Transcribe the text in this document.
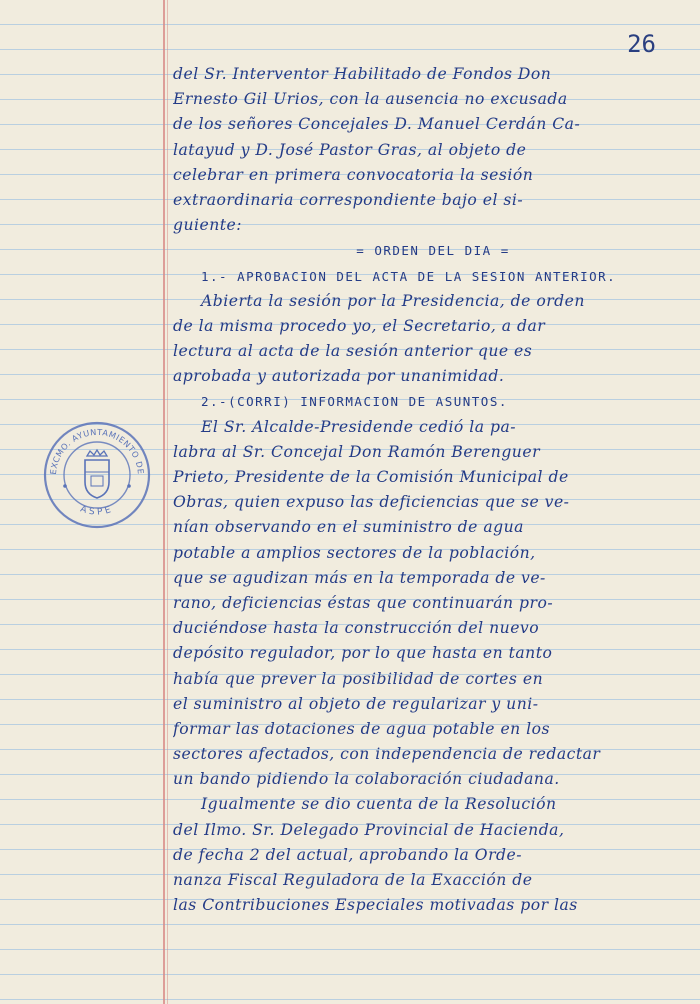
26
EXCMO. AYUNTAMIENTO DE
ASPE
del Sr. Interventor Habilitado de Fondos Don
Ernesto Gil Urios, con la ausencia no excusada
de los señores Concejales D. Manuel Cerdán Ca-
latayud y D. José Pastor Gras, al objeto de
celebrar en primera convocatoria la sesión
extraordinaria correspondiente bajo el si-
guiente:
= ORDEN DEL DIA =
1.- APROBACION DEL ACTA DE LA SESION ANTERIOR.
Abierta la sesión por la Presidencia, de orden
de la misma procedo yo, el Secretario, a dar
lectura al acta de la sesión anterior que es
aprobada y autorizada por unanimidad.
2.-(CORRI) INFORMACION DE ASUNTOS.
El Sr. Alcalde-Presidende cedió la pa-
labra al Sr. Concejal Don Ramón Berenguer
Prieto, Presidente de la Comisión Municipal de
Obras, quien expuso las deficiencias que se ve-
nían observando en el suministro de agua
potable a amplios sectores de la población,
que se agudizan más en la temporada de ve-
rano, deficiencias éstas que continuarán pro-
duciéndose hasta la construcción del nuevo
depósito regulador, por lo que hasta en tanto
había que prever la posibilidad de cortes en
el suministro al objeto de regularizar y uni-
formar las dotaciones de agua potable en los
sectores afectados, con independencia de redactar
un bando pidiendo la colaboración ciudadana.
Igualmente se dio cuenta de la Resolución
del Ilmo. Sr. Delegado Provincial de Hacienda,
de fecha 2 del actual, aprobando la Orde-
nanza Fiscal Reguladora de la Exacción de
las Contribuciones Especiales motivadas por las
